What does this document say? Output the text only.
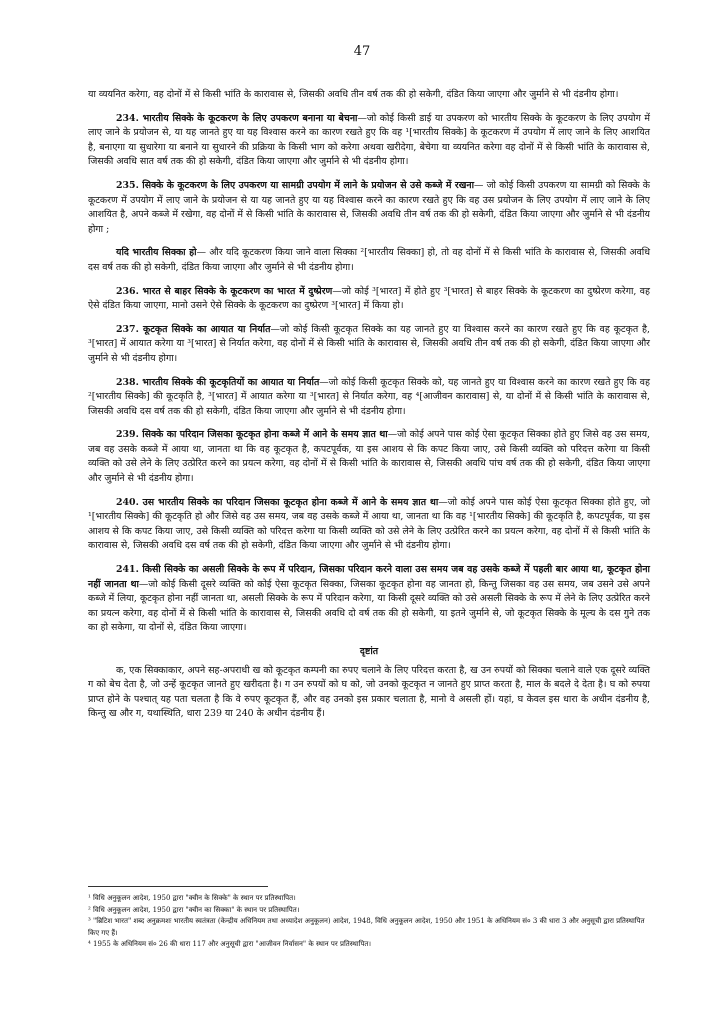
47

या व्ययनित करेगा, वह दोनों में से किसी भांति के कारावास से, जिसकी अवधि तीन वर्ष तक की हो सकेगी, दंडित किया जाएगा और जुर्माने से भी दंडनीय होगा।

234. भारतीय सिक्के के कूटकरण के लिए उपकरण बनाना या बेचना—जो कोई किसी डाई या उपकरण को भारतीय सिक्के के कूटकरण के लिए उपयोग में लाए जाने के प्रयोजन से, या यह जानते हुए या यह विश्वास करने का कारण रखते हुए कि वह ¹[भारतीय सिक्के] के कूटकरण में उपयोग में लाए जाने के लिए आशयित है, बनाएगा या सुधारेगा या बनाने या सुधारने की प्रक्रिया के किसी भाग को करेगा अथवा खरीदेगा, बेचेगा या व्ययनित करेगा वह दोनों में से किसी भांति के कारावास से, जिसकी अवधि सात वर्ष तक की हो सकेगी, दंडित किया जाएगा और जुर्माने से भी दंडनीय होगा।

235. सिक्के के कूटकरण के लिए उपकरण या सामग्री उपयोग में लाने के प्रयोजन से उसे कब्जे में रखना— जो कोई किसी उपकरण या सामग्री को सिक्के के कूटकरण में उपयोग में लाए जाने के प्रयोजन से या यह जानते हुए या यह विश्वास करने का कारण रखते हुए कि वह उस प्रयोजन के लिए उपयोग में लाए जाने के लिए आशयित है, अपने कब्जे में रखेगा, वह दोनों में से किसी भांति के कारावास से, जिसकी अवधि तीन वर्ष तक की हो सकेगी, दंडित किया जाएगा और जुर्माने से भी दंडनीय होगा ;

यदि भारतीय सिक्का हो— और यदि कूटकरण किया जाने वाला सिक्का ²[भारतीय सिक्का] हो, तो वह दोनों में से किसी भांति के कारावास से, जिसकी अवधि दस वर्ष तक की हो सकेगी, दंडित किया जाएगा और जुर्माने से भी दंडनीय होगा।

236. भारत से बाहर सिक्के के कूटकरण का भारत में दुष्प्रेरण—जो कोई ³[भारत] में होते हुए ³[भारत] से बाहर सिक्के के कूटकरण का दुष्प्रेरण करेगा, वह ऐसे दंडित किया जाएगा, मानो उसने ऐसे सिक्के के कूटकरण का दुष्प्रेरण ³[भारत] में किया हो।

237. कूटकृत सिक्के का आयात या निर्यात—जो कोई किसी कूटकृत सिक्के का यह जानते हुए या विश्वास करने का कारण रखते हुए कि वह कूटकृत है, ³[भारत] में आयात करेगा या ³[भारत] से निर्यात करेगा, वह दोनों में से किसी भांति के कारावास से, जिसकी अवधि तीन वर्ष तक की हो सकेगी, दंडित किया जाएगा और जुर्माने से भी दंडनीय होगा।

238. भारतीय सिक्के की कूटकृतियों का आयात या निर्यात—जो कोई किसी कूटकृत सिक्के को, यह जानते हुए या विश्वास करने का कारण रखते हुए कि वह ²[भारतीय सिक्के] की कूटकृति है, ³[भारत] में आयात करेगा या ³[भारत] से निर्यात करेगा, वह ⁴[आजीवन कारावास] से, या दोनों में से किसी भांति के कारावास से, जिसकी अवधि दस वर्ष तक की हो सकेगी, दंडित किया जाएगा और जुर्माने से भी दंडनीय होगा।

239. सिक्के का परिदान जिसका कूटकृत होना कब्जे में आने के समय ज्ञात था—जो कोई अपने पास कोई ऐसा कूटकृत सिक्का होते हुए जिसे वह उस समय, जब वह उसके कब्जे में आया था, जानता था कि वह कूटकृत है, कपटपूर्वक, या इस आशय से कि कपट किया जाए, उसे किसी व्यक्ति को परिदत्त करेगा या किसी व्यक्ति को उसे लेने के लिए उत्प्रेरित करने का प्रयत्न करेगा, वह दोनों में से किसी भांति के कारावास से, जिसकी अवधि पांच वर्ष तक की हो सकेगी, दंडित किया जाएगा और जुर्माने से भी दंडनीय होगा।

240. उस भारतीय सिक्के का परिदान जिसका कूटकृत होना कब्जे में आने के समय ज्ञात था—जो कोई अपने पास कोई ऐसा कूटकृत सिक्का होते हुए, जो ¹[भारतीय सिक्के] की कूटकृति हो और जिसे वह उस समय, जब वह उसके कब्जे में आया था, जानता था कि वह ¹[भारतीय सिक्के] की कूटकृति है, कपटपूर्वक, या इस आशय से कि कपट किया जाए, उसे किसी व्यक्ति को परिदत्त करेगा या किसी व्यक्ति को उसे लेने के लिए उत्प्रेरित करने का प्रयत्न करेगा, वह दोनों में से किसी भांति के कारावास से, जिसकी अवधि दस वर्ष तक की हो सकेगी, दंडित किया जाएगा और जुर्माने से भी दंडनीय होगा।

241. किसी सिक्के का असली सिक्के के रूप में परिदान, जिसका परिदान करने वाला उस समय जब वह उसके कब्जे में पहली बार आया था, कूटकृत होना नहीं जानता था—जो कोई किसी दूसरे व्यक्ति को कोई ऐसा कूटकृत सिक्का, जिसका कूटकृत होना वह जानता हो, किन्तु जिसका वह उस समय, जब उसने उसे अपने कब्जे में लिया, कूटकृत होना नहीं जानता था, असली सिक्के के रूप में परिदान करेगा, या किसी दूसरे व्यक्ति को उसे असली सिक्के के रूप में लेने के लिए उत्प्रेरित करने का प्रयत्न करेगा, वह दोनों में से किसी भांति के कारावास से, जिसकी अवधि दो वर्ष तक की हो सकेगी, या इतने जुर्माने से, जो कूटकृत सिक्के के मूल्य के दस गुने तक का हो सकेगा, या दोनों से, दंडित किया जाएगा।

दृष्टांत

क, एक सिक्काकार, अपने सह-अपराधी ख को कूटकृत कम्पनी का रुपए चलाने के लिए परिदत्त करता है, ख उन रुपयों को सिक्का चलाने वाले एक दूसरे व्यक्ति ग को बेच देता है, जो उन्हें कूटकृत जानते हुए खरीदता है। ग उन रुपयों को घ को, जो उनको कूटकृत न जानते हुए प्राप्त करता है, माल के बदले दे देता है। घ को रुपया प्राप्त होने के पश्चात् यह पता चलता है कि वे रुपए कूटकृत हैं, और वह उनको इस प्रकार चलाता है, मानो वे असली हों। यहां, घ केवल इस धारा के अधीन दंडनीय है, किन्तु ख और ग, यथास्थिति, धारा 239 या 240 के अधीन दंडनीय हैं।

¹ विधि अनुकूलन आदेश, 1950 द्वारा "क्वीन के सिक्के" के स्थान पर प्रतिस्थापित।
² विधि अनुकूलन आदेश, 1950 द्वारा "क्वीन का सिक्का" के स्थान पर प्रतिस्थापित।
³ "ब्रिटिश भारत" शब्द अनुक्रमशः भारतीय स्वतंत्रता (केन्द्रीय अधिनियम तथा अध्यादेश अनुकूलन) आदेश, 1948, विधि अनुकूलन आदेश, 1950 और 1951 के अधिनियम सं० 3 की धारा 3 और अनुसूची द्वारा प्रतिस्थापित किए गए हैं।
⁴ 1955 के अधिनियम सं० 26 की धारा 117 और अनुसूची द्वारा "आजीवन निर्वासन" के स्थान पर प्रतिस्थापित।
